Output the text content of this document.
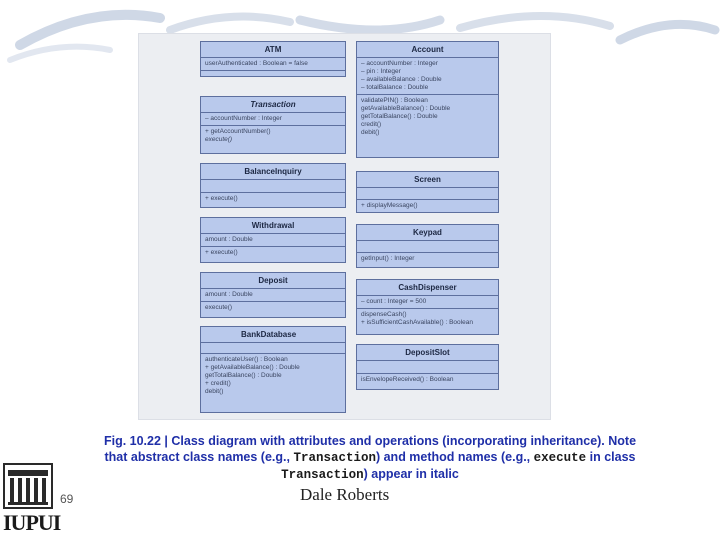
ATM
userAuthenticated : Boolean = false
Account
– accountNumber : Integer
– pin : Integer
– availableBalance : Double
– totalBalance : Double
validatePIN() : Boolean
getAvailableBalance() : Double
getTotalBalance() : Double
credit()
debit()
Transaction
– accountNumber : Integer
+ getAccountNumber()
execute()
BalanceInquiry
+ execute()
Screen
+ displayMessage()
Withdrawal
amount : Double
+ execute()
Keypad
getInput() : Integer
Deposit
amount : Double
execute()
CashDispenser
– count : Integer = 500
dispenseCash()
+ isSufficientCashAvailable() : Boolean
BankDatabase
authenticateUser() : Boolean
+ getAvailableBalance() : Double
getTotalBalance() : Double
+ credit()
debit()
DepositSlot
isEnvelopeReceived() : Boolean
Fig. 10.22 | Class diagram with attributes and operations (incorporating inheritance). Note that abstract class names (e.g., Transaction) and method names (e.g., execute in class Transaction) appear in italic
IUPUI
69	Dale Roberts
